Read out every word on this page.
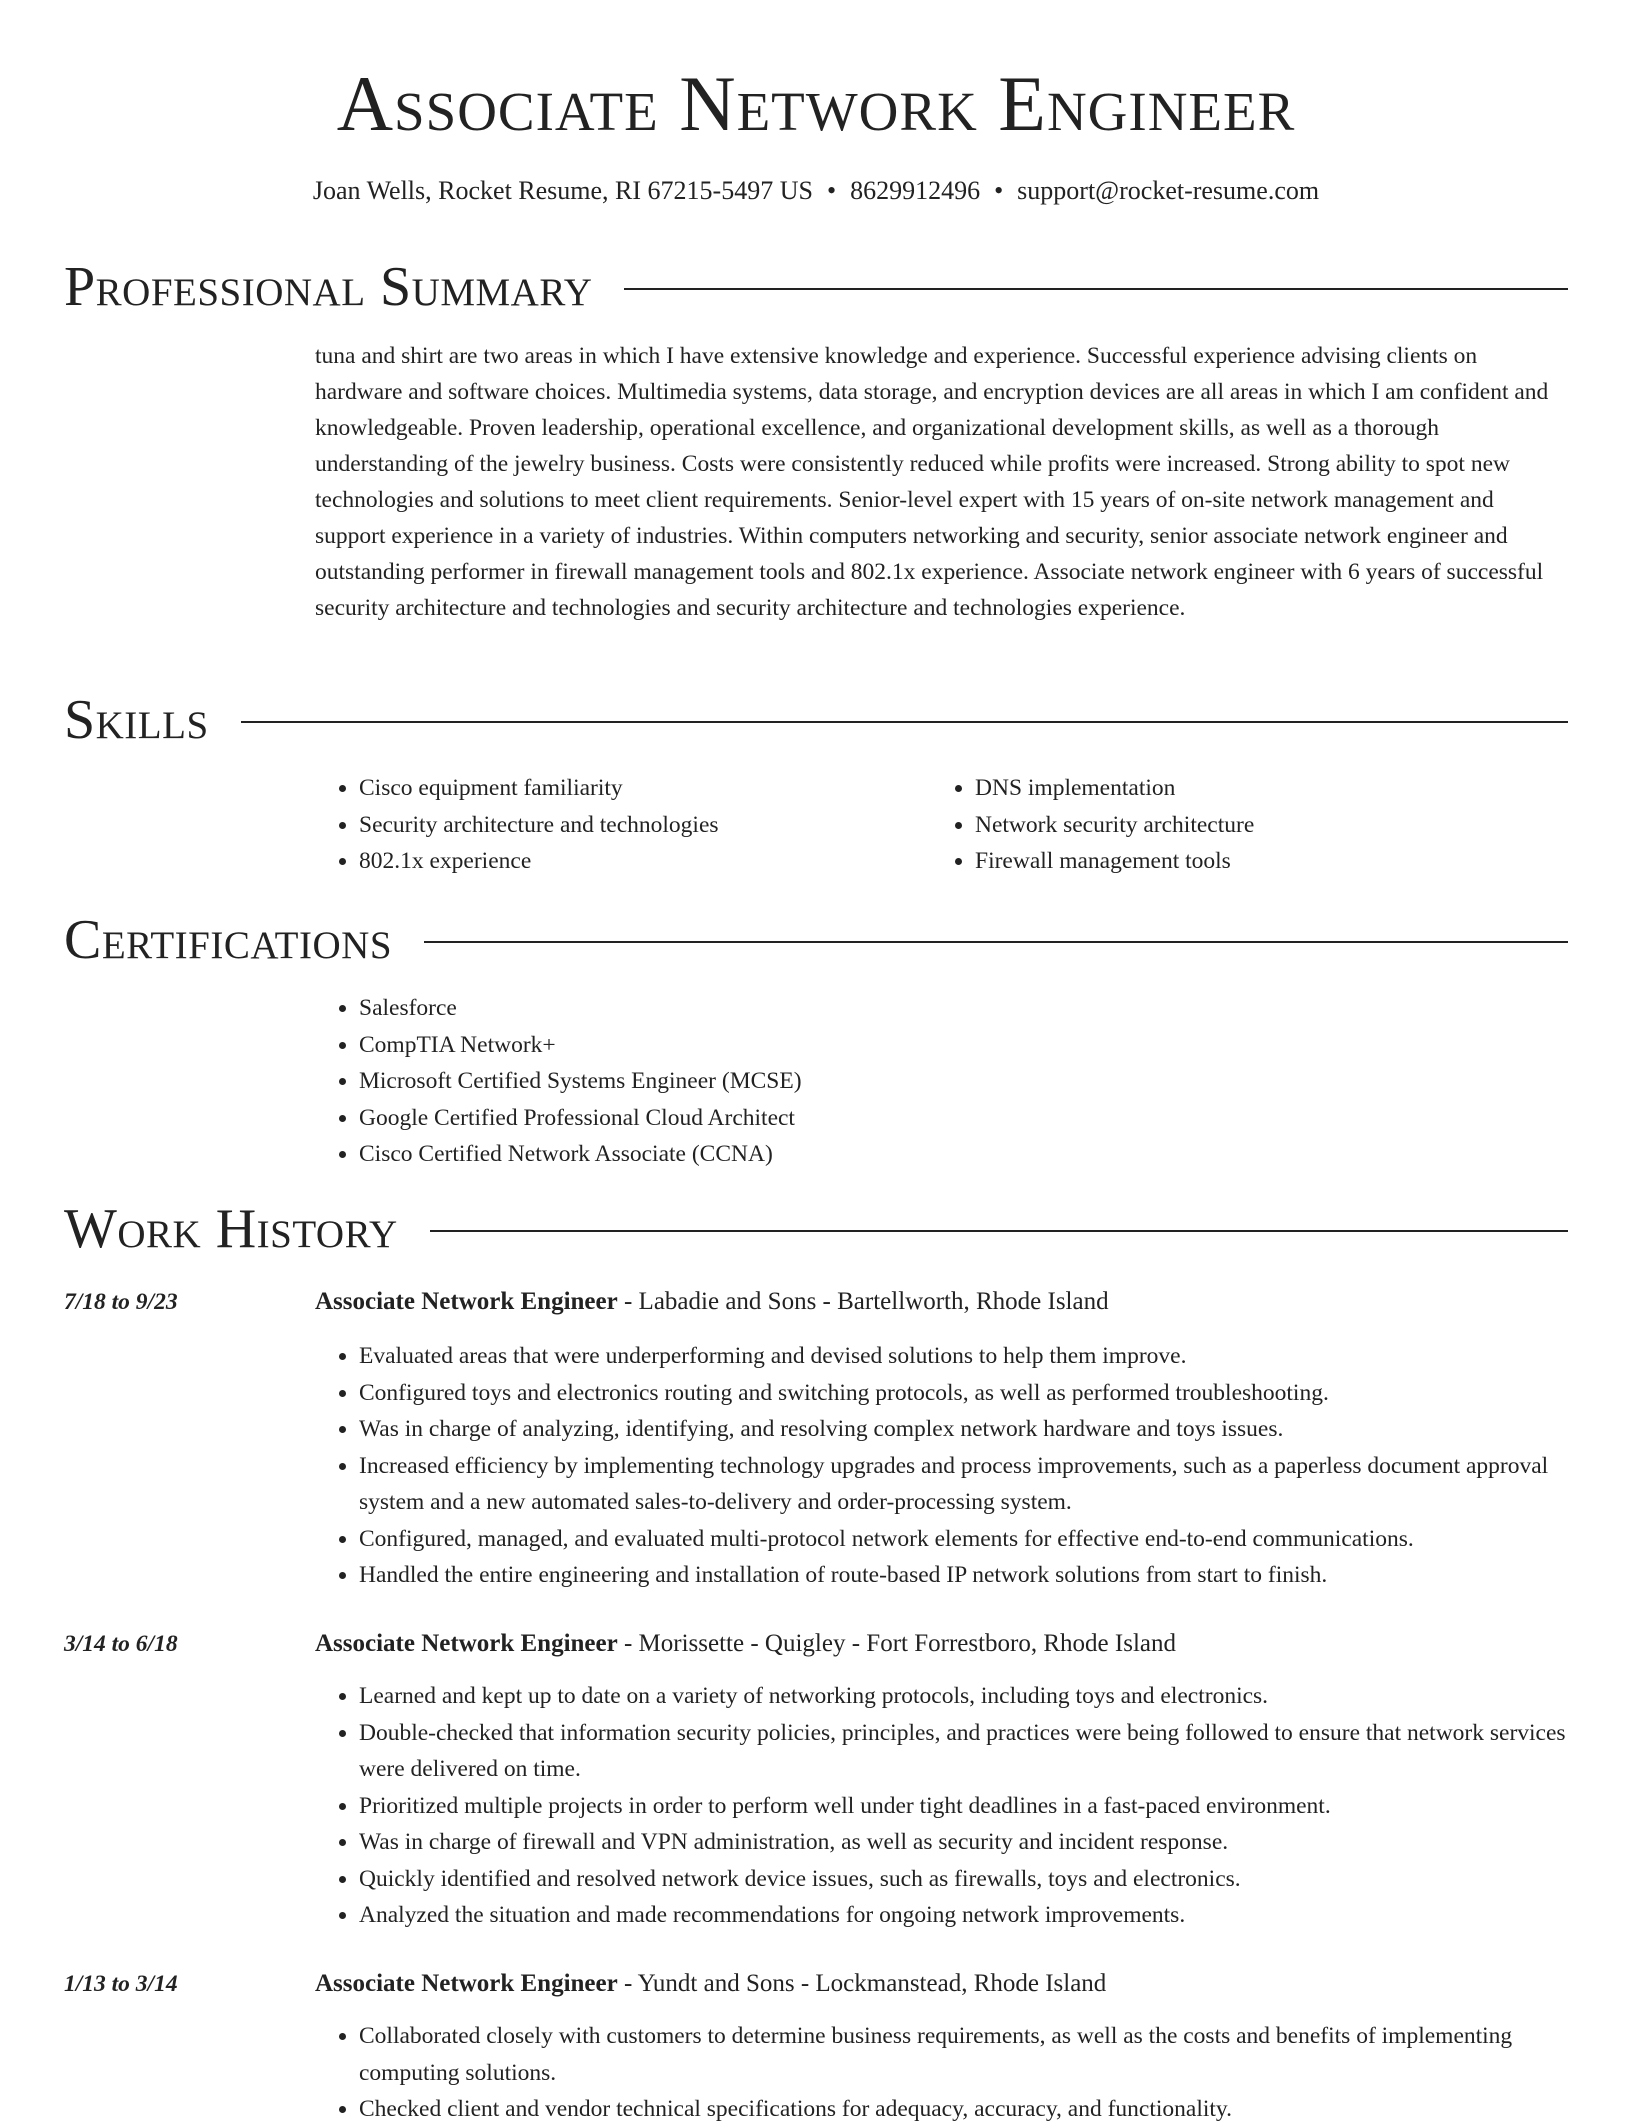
Associate Network Engineer
Joan Wells, Rocket Resume, RI 67215-5497 US • 8629912496 • support@rocket-resume.com
Professional Summary
tuna and shirt are two areas in which I have extensive knowledge and experience. Successful experience advising clients on hardware and software choices. Multimedia systems, data storage, and encryption devices are all areas in which I am confident and knowledgeable. Proven leadership, operational excellence, and organizational development skills, as well as a thorough understanding of the jewelry business. Costs were consistently reduced while profits were increased. Strong ability to spot new technologies and solutions to meet client requirements. Senior-level expert with 15 years of on-site network management and support experience in a variety of industries. Within computers networking and security, senior associate network engineer and outstanding performer in firewall management tools and 802.1x experience. Associate network engineer with 6 years of successful security architecture and technologies and security architecture and technologies experience.
Skills
• Cisco equipment familiarity
• Security architecture and technologies
• 802.1x experience
• DNS implementation
• Network security architecture
• Firewall management tools
Certifications
• Salesforce
• CompTIA Network+
• Microsoft Certified Systems Engineer (MCSE)
• Google Certified Professional Cloud Architect
• Cisco Certified Network Associate (CCNA)
Work History
7/18 to 9/23	Associate Network Engineer - Labadie and Sons - Bartellworth, Rhode Island
• Evaluated areas that were underperforming and devised solutions to help them improve.
• Configured toys and electronics routing and switching protocols, as well as performed troubleshooting.
• Was in charge of analyzing, identifying, and resolving complex network hardware and toys issues.
• Increased efficiency by implementing technology upgrades and process improvements, such as a paperless document approval system and a new automated sales-to-delivery and order-processing system.
• Configured, managed, and evaluated multi-protocol network elements for effective end-to-end communications.
• Handled the entire engineering and installation of route-based IP network solutions from start to finish.
3/14 to 6/18	Associate Network Engineer - Morissette - Quigley - Fort Forrestboro, Rhode Island
• Learned and kept up to date on a variety of networking protocols, including toys and electronics.
• Double-checked that information security policies, principles, and practices were being followed to ensure that network services were delivered on time.
• Prioritized multiple projects in order to perform well under tight deadlines in a fast-paced environment.
• Was in charge of firewall and VPN administration, as well as security and incident response.
• Quickly identified and resolved network device issues, such as firewalls, toys and electronics.
• Analyzed the situation and made recommendations for ongoing network improvements.
1/13 to 3/14	Associate Network Engineer - Yundt and Sons - Lockmanstead, Rhode Island
• Collaborated closely with customers to determine business requirements, as well as the costs and benefits of implementing computing solutions.
• Checked client and vendor technical specifications for adequacy, accuracy, and functionality.
